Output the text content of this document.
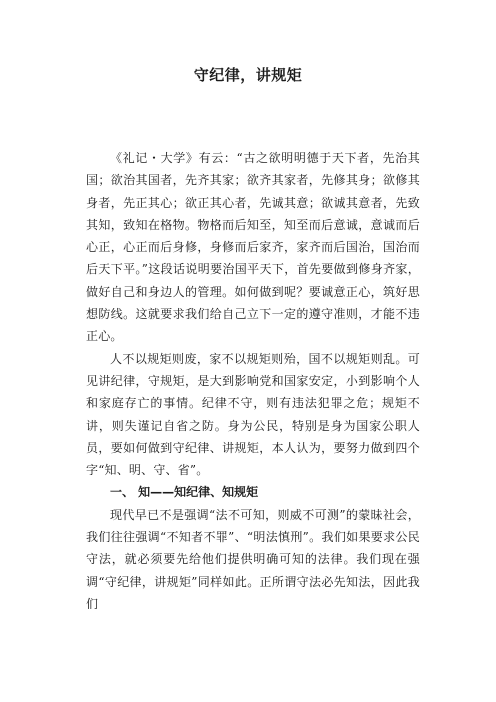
守纪律，讲规矩

《礼记・大学》有云：“古之欲明明德于天下者，先治其国；欲治其国者，先齐其家；欲齐其家者，先修其身；欲修其身者，先正其心；欲正其心者，先诚其意；欲诚其意者，先致其知，致知在格物。物格而后知至，知至而后意诚，意诚而后心正，心正而后身修，身修而后家齐，家齐而后国治，国治而后天下平。”这段话说明要治国平天下，首先要做到修身齐家，做好自己和身边人的管理。如何做到呢？要诚意正心，筑好思想防线。这就要求我们给自己立下一定的遵守准则，才能不违正心。

人不以规矩则废，家不以规矩则殆，国不以规矩则乱。可见讲纪律，守规矩，是大到影响党和国家安定，小到影响个人和家庭存亡的事情。纪律不守，则有违法犯罪之危；规矩不讲，则失谨记自省之防。身为公民，特别是身为国家公职人员，要如何做到守纪律、讲规矩，本人认为，要努力做到四个字“知、明、守、省”。

一、 知——知纪律、知规矩

现代早已不是强调“法不可知，则威不可测”的蒙昧社会，我们往往强调“不知者不罪”、“明法慎刑”。我们如果要求公民守法，就必须要先给他们提供明确可知的法律。我们现在强调“守纪律，讲规矩”同样如此。正所谓守法必先知法，因此我们
